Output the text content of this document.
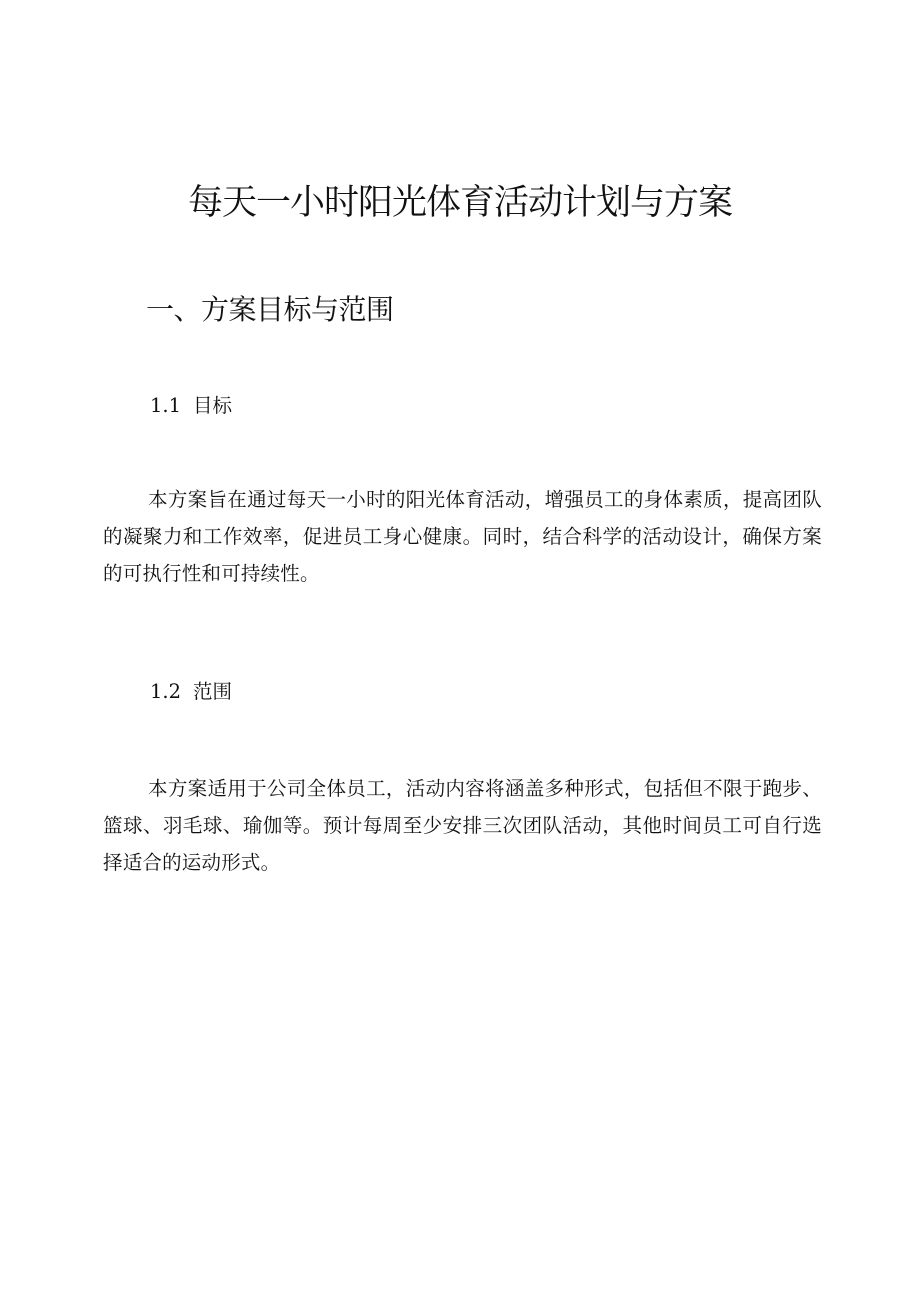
每天一小时阳光体育活动计划与方案
一、方案目标与范围
1.1 目标

本方案旨在通过每天一小时的阳光体育活动，增强员工的身体素质，提高团队的凝聚力和工作效率，促进员工身心健康。同时，结合科学的活动设计，确保方案的可执行性和可持续性。

1.2 范围

本方案适用于公司全体员工，活动内容将涵盖多种形式，包括但不限于跑步、篮球、羽毛球、瑜伽等。预计每周至少安排三次团队活动，其他时间员工可自行选择适合的运动形式。
